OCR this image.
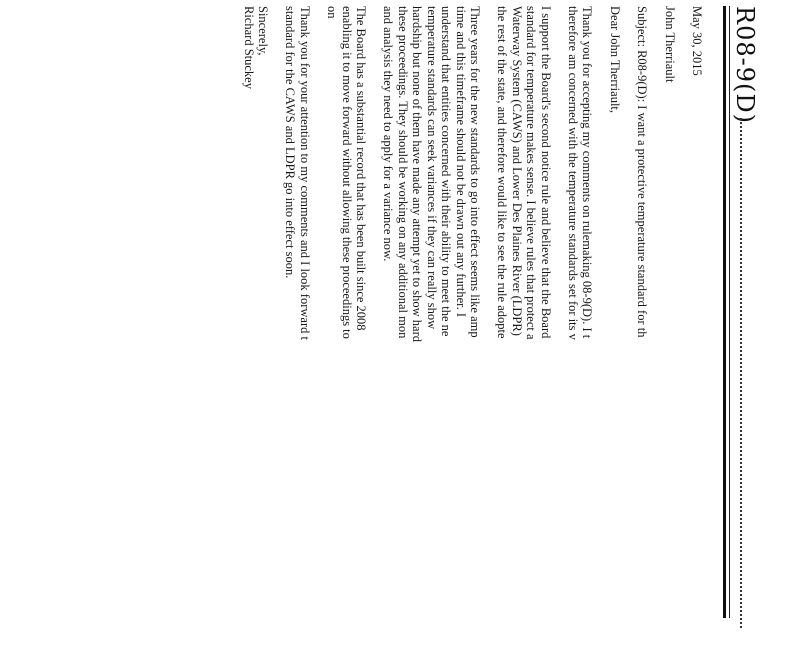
R08-9(D)
May 30, 2015
John Therriault
Subject: R08-9(D): I want a protective temperature standard for th
Dear John Therriault,
Thank you for accepting my comments on rulemaking 08-9(D). I t
therefore am concerned with the temperature standards set for its v
I support the Board's second notice rule and believe that the Board
standard for temperature makes sense. I believe rules that protect a
Waterway System (CAWS) and Lower Des Plaines River (LDPR)
the rest of the state, and therefore would like to see the rule adopte
Three years for the new standards to go into effect seems like amp
time and this timeframe should not be drawn out any further. I
understand that entities concerned with their ability to meet the ne
temperature standards can seek variances if they can really show
hardship but none of them have made any attempt yet to show hard
these proceedings. They should be working on any additional mon
and analysis they need to apply for a variance now.
The Board has a substantial record that has been built since 2008
enabling it to move forward without allowing these proceedings to
on
Thank you for your attention to my comments and I look forward t
standard for the CAWS and LDPR go into effect soon.
Sincerely,
Richard Stuckey
